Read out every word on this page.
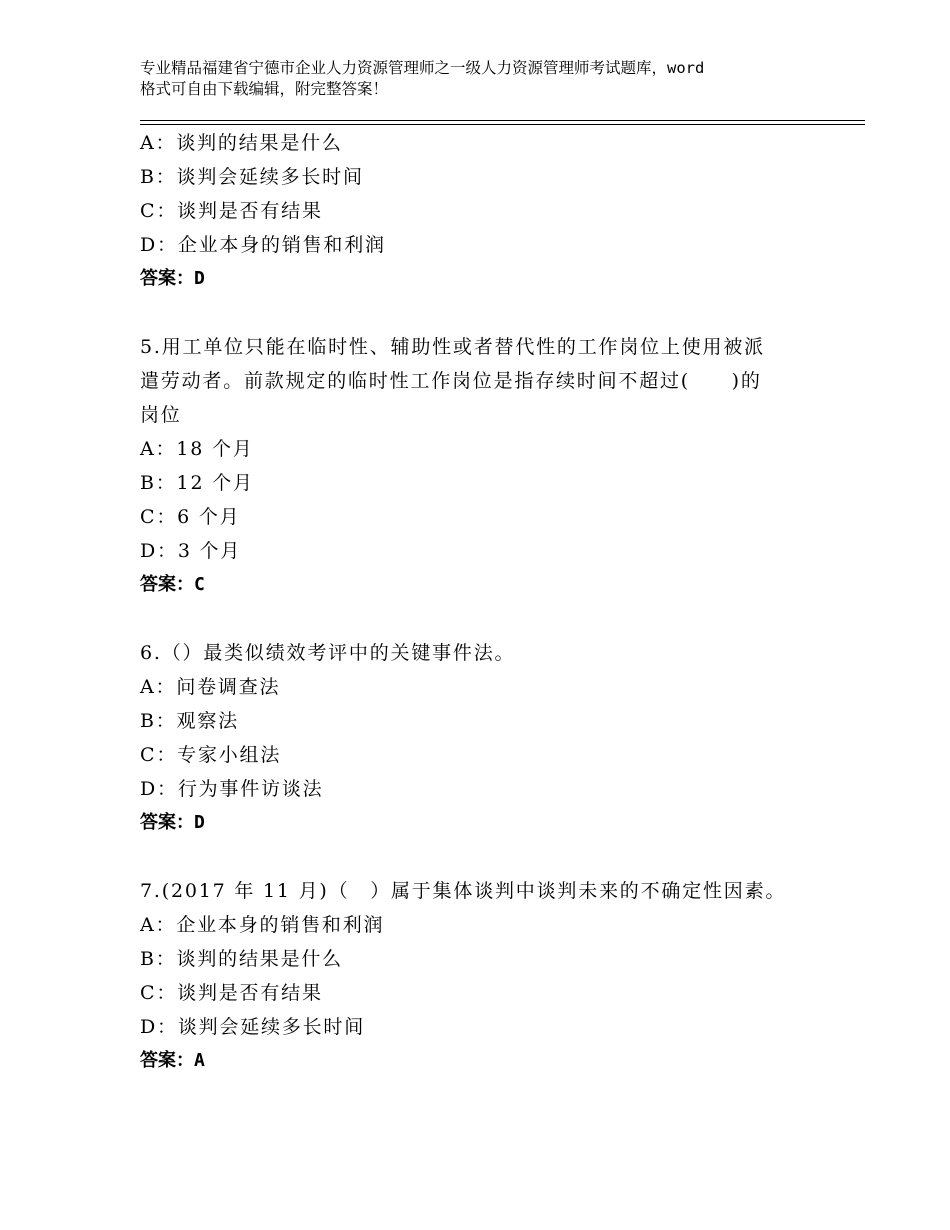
专业精品福建省宁德市企业人力资源管理师之一级人力资源管理师考试题库，word
格式可自由下载编辑，附完整答案！
A：谈判的结果是什么
B：谈判会延续多长时间
C：谈判是否有结果
D：企业本身的销售和利润
答案：D
5.用工单位只能在临时性、辅助性或者替代性的工作岗位上使用被派
遣劳动者。前款规定的临时性工作岗位是指存续时间不超过(　　)的
岗位
A：18 个月
B：12 个月
C：6 个月
D：3 个月
答案：C
6.（）最类似绩效考评中的关键事件法。
A：问卷调查法
B：观察法
C：专家小组法
D：行为事件访谈法
答案：D
7.(2017 年 11 月)（　）属于集体谈判中谈判未来的不确定性因素。
A：企业本身的销售和利润
B：谈判的结果是什么
C：谈判是否有结果
D：谈判会延续多长时间
答案：A
